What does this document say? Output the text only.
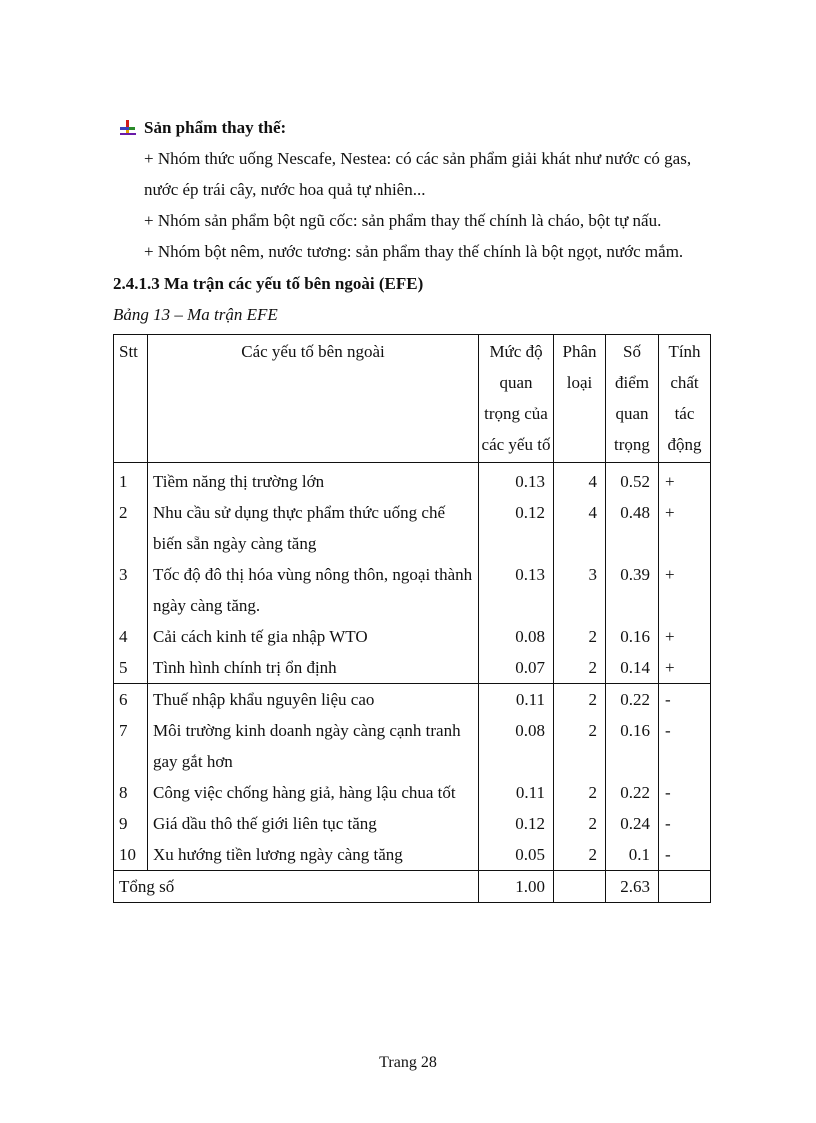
Sản phẩm thay thế:
+ Nhóm thức uống Nescafe, Nestea: có các sản phẩm giải khát như nước có gas,
nước ép trái cây, nước hoa quả tự nhiên...
+ Nhóm sản phẩm bột ngũ cốc: sản phẩm thay thế chính là cháo, bột tự nấu.
+ Nhóm bột nêm, nước tương: sản phẩm thay thế chính là bột ngọt, nước mắm.
2.4.1.3 Ma trận các yếu tố bên ngoài (EFE)
Bảng 13 – Ma trận EFE
Stt	Các yếu tố bên ngoài	Mức độ quan trọng của các yếu tố	Phân loại	Số điểm quan trọng	Tính chất tác động
1	Tiềm năng thị trường lớn	0.13	4	0.52	+
2	Nhu cầu sử dụng thực phẩm thức uống chế biến sẵn ngày càng tăng	0.12	4	0.48	+
3	Tốc độ đô thị hóa vùng nông thôn, ngoại thành ngày càng tăng.	0.13	3	0.39	+
4	Cải cách kinh tế gia nhập WTO	0.08	2	0.16	+
5	Tình hình chính trị ổn định	0.07	2	0.14	+
6	Thuế nhập khẩu nguyên liệu cao	0.11	2	0.22	-
7	Môi trường kinh doanh ngày càng cạnh tranh gay gắt hơn	0.08	2	0.16	-
8	Công việc chống hàng giả, hàng lậu chua tốt	0.11	2	0.22	-
9	Giá dầu thô thế giới liên tục tăng	0.12	2	0.24	-
10	Xu hướng tiền lương ngày càng tăng	0.05	2	0.1	-
Tổng số		1.00		2.63	
Trang 28
